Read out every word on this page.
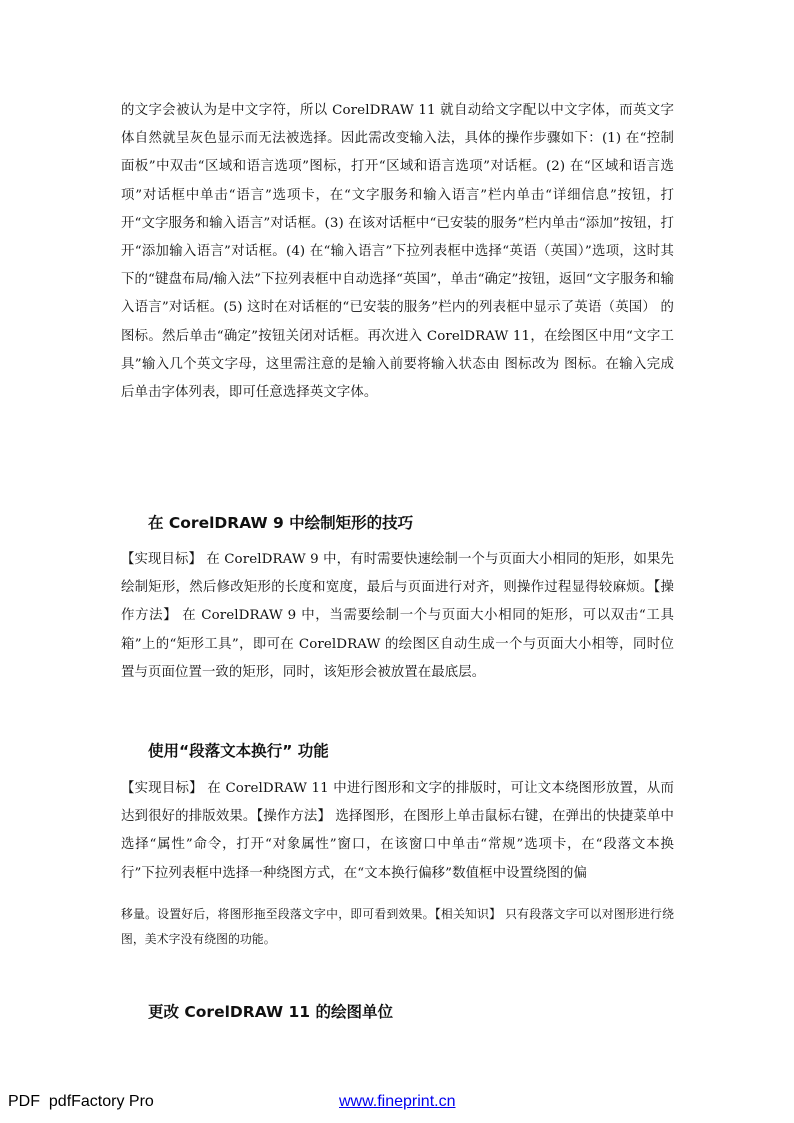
的文字会被认为是中文字符，所以 CorelDRAW 11 就自动给文字配以中文字体，而英文字体自然就呈灰色显示而无法被选择。因此需改变输入法，具体的操作步骤如下：(1) 在“控制面板”中双击“区域和语言选项”图标，打开“区域和语言选项”对话框。(2) 在“区域和语言选项”对话框中单击“语言”选项卡，在“文字服务和输入语言”栏内单击“详细信息”按钮，打开“文字服务和输入语言”对话框。(3) 在该对话框中“已安装的服务”栏内单击“添加”按钮，打开“添加输入语言”对话框。(4) 在“输入语言”下拉列表框中选择“英语（英国）”选项，这时其下的“键盘布局/输入法”下拉列表框中自动选择“英国”，单击“确定”按钮，返回“文字服务和输入语言”对话框。(5) 这时在对话框的“已安装的服务”栏内的列表框中显示了英语（英国） 的图标。然后单击“确定”按钮关闭对话框。再次进入 CorelDRAW 11，在绘图区中用“文字工具”输入几个英文字母，这里需注意的是输入前要将输入状态由 图标改为 图标。在输入完成后单击字体列表，即可任意选择英文字体。

在 CorelDRAW 9 中绘制矩形的技巧

【实现目标】 在 CorelDRAW 9 中，有时需要快速绘制一个与页面大小相同的矩形，如果先绘制矩形，然后修改矩形的长度和宽度，最后与页面进行对齐，则操作过程显得较麻烦。【操作方法】 在 CorelDRAW 9 中，当需要绘制一个与页面大小相同的矩形，可以双击“工具箱”上的“矩形工具”，即可在 CorelDRAW 的绘图区自动生成一个与页面大小相等，同时位置与页面位置一致的矩形，同时，该矩形会被放置在最底层。

使用“段落文本换行” 功能

【实现目标】 在 CorelDRAW 11 中进行图形和文字的排版时，可让文本绕图形放置，从而达到很好的排版效果。【操作方法】 选择图形，在图形上单击鼠标右键，在弹出的快捷菜单中选择“属性”命令，打开“对象属性”窗口，在该窗口中单击“常规”选项卡，在“段落文本换行”下拉列表框中选择一种绕图方式，在“文本换行偏移”数值框中设置绕图的偏

移量。设置好后，将图形拖至段落文字中，即可看到效果。【相关知识】 只有段落文字可以对图形进行绕图，美术字没有绕图的功能。

更改 CorelDRAW 11 的绘图单位
PDF  pdfFactory Pro	www.fineprint.cn
